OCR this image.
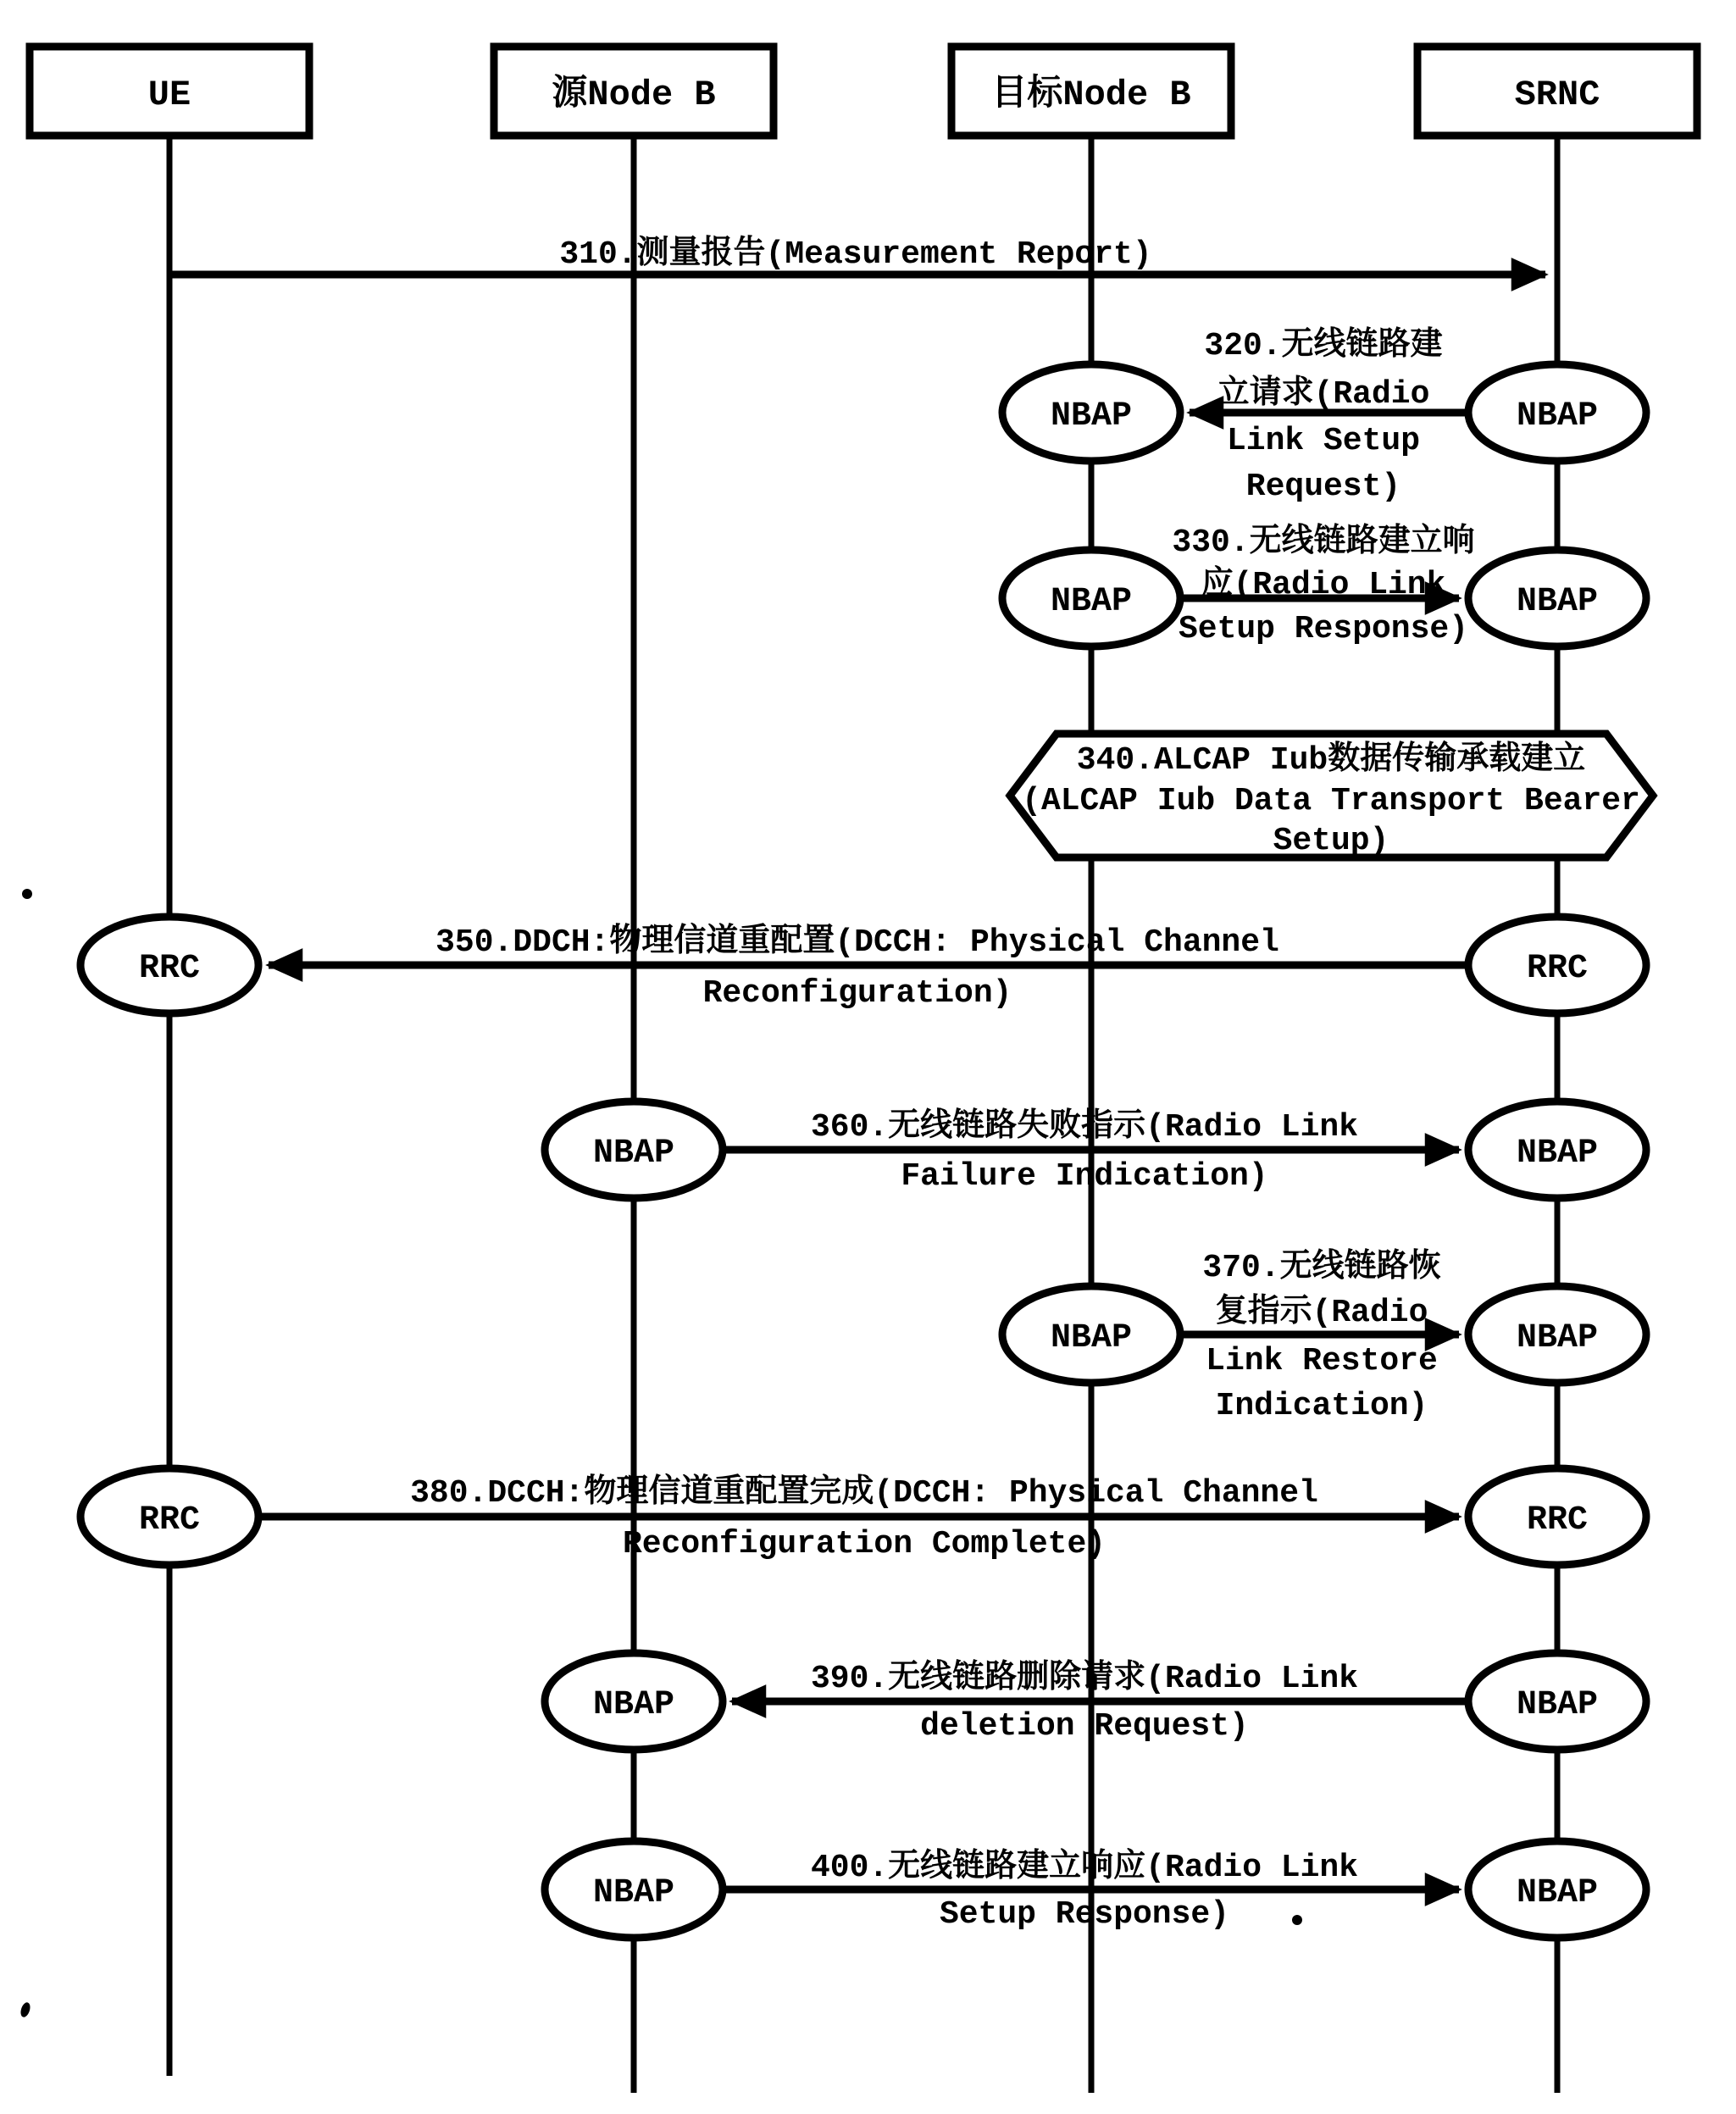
UE	源Node B	目标Node B	SRNC
340.ALCAP Iub数据传输承载建立
(ALCAP Iub Data Transport Bearer
Setup)
NBAP	NBAP
NBAP	NBAP
RRC	RRC
NBAP	NBAP
NBAP	NBAP
RRC	RRC
NBAP	NBAP
NBAP	NBAP
310.测量报告(Measurement Report)
320.无线链路建
立请求(Radio
Link Setup
Request)
330.无线链路建立响
应(Radio Link
Setup Response)
350.DDCH:物理信道重配置(DCCH: Physical Channel
Reconfiguration)
360.无线链路失败指示(Radio Link
Failure Indication)
370.无线链路恢
复指示(Radio
Link Restore
Indication)
380.DCCH:物理信道重配置完成(DCCH: Physical Channel
Reconfiguration Complete)
390.无线链路删除请求(Radio Link
deletion Request)
400.无线链路建立响应(Radio Link
Setup Response)
